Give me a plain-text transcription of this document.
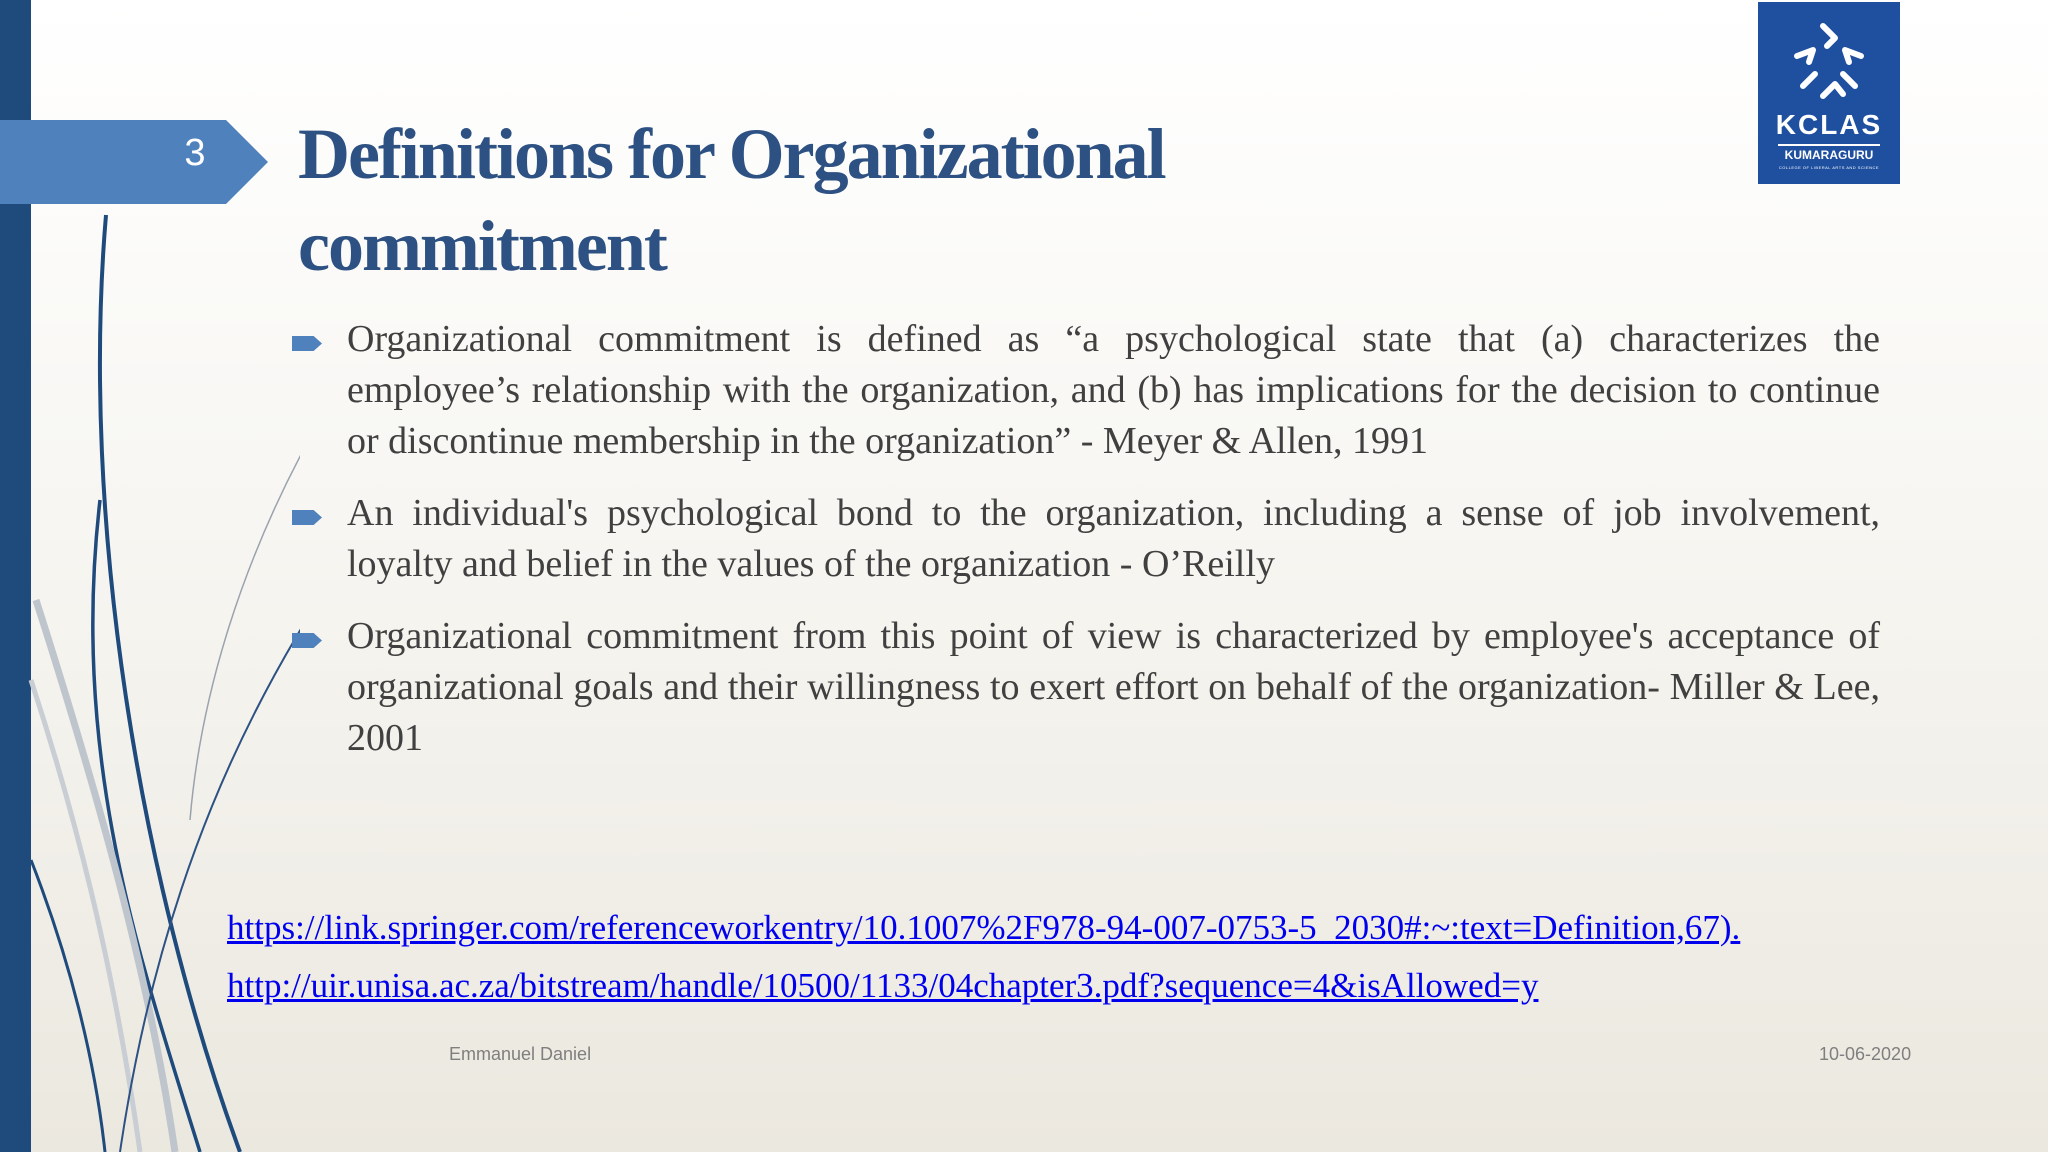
3 Definitions for Organizational
commitment
KCLAS
KUMARAGURU
COLLEGE OF LIBERAL ARTS AND SCIENCE
Organizational commitment is defined as “a psychological state that (a) characterizes the employee’s relationship with the organization, and (b) has implications for the decision to continue or discontinue membership in the organization” - Meyer & Allen, 1991
An individual's psychological bond to the organization, including a sense of job involvement, loyalty and belief in the values of the organization - O’Reilly
Organizational commitment from this point of view is characterized by employee's acceptance of organizational goals and their willingness to exert effort on behalf of the organization- Miller & Lee, 2001
https://link.springer.com/referenceworkentry/10.1007%2F978-94-007-0753-5_2030#:~:text=Definition,67).
http://uir.unisa.ac.za/bitstream/handle/10500/1133/04chapter3.pdf?sequence=4&isAllowed=y
Emmanuel Daniel	10-06-2020
